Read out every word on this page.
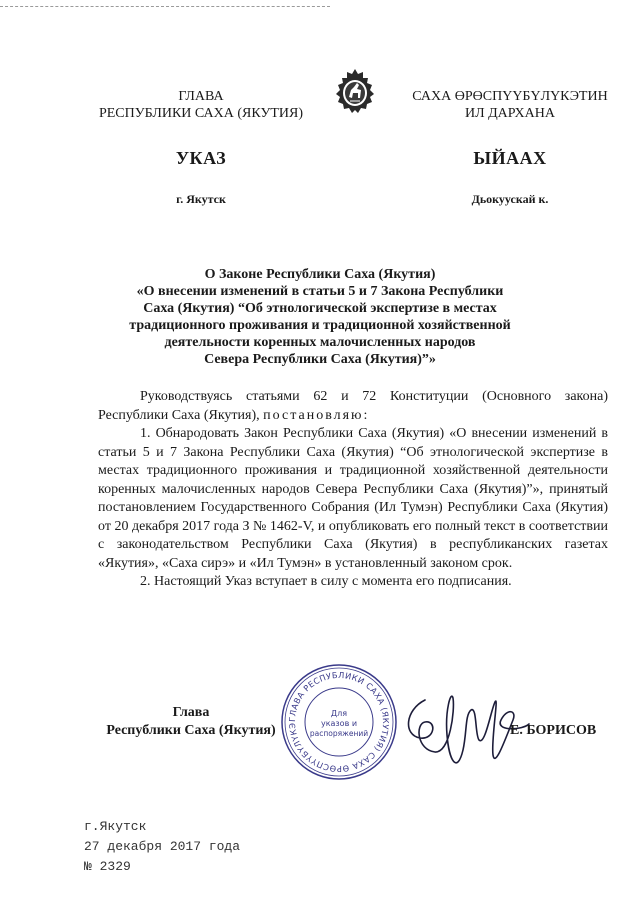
ГЛАВА
РЕСПУБЛИКИ САХА (ЯКУТИЯ)
УКАЗ
г. Якутск
САХА ӨРӨСПҮҮБҮЛҮКЭТИН
ИЛ ДАРХАНА
ЫЙААХ
Дьокуускай к.
О Законе Республики Саха (Якутия)
«О внесении изменений в статьи 5 и 7 Закона Республики
Саха (Якутия) “Об этнологической экспертизе в местах
традиционного проживания и традиционной хозяйственной
деятельности коренных малочисленных народов
Севера Республики Саха (Якутия)”»

Руководствуясь статьями 62 и 72 Конституции (Основного закона) Республики Саха (Якутия), постановляю:

1. Обнародовать Закон Республики Саха (Якутия) «О внесении изменений в статьи 5 и 7 Закона Республики Саха (Якутия) “Об этнологической экспертизе в местах традиционного проживания и традиционной хозяйственной деятельности коренных малочисленных народов Севера Республики Саха (Якутия)”», принятый постановлением Государственного Собрания (Ил Тумэн) Республики Саха (Якутия) от 20 декабря 2017 года З № 1462-V, и опубликовать его полный текст в соответствии с законодательством Республики Саха (Якутия) в республиканских газетах «Якутия», «Саха сирэ» и «Ил Тумэн» в установленный законом срок.

2. Настоящий Указ вступает в силу с момента его подписания.

Глава
Республики Саха (Якутия)
ГЛАВА РЕСПУБЛИКИ САХА (ЯКУТИЯ) САХА ӨРӨСПҮҮБҮЛҮКЭ
Для
указов и
распоряжений	Е. БОРИСОВ
г.Якутск
27 декабря 2017 года
№ 2329
